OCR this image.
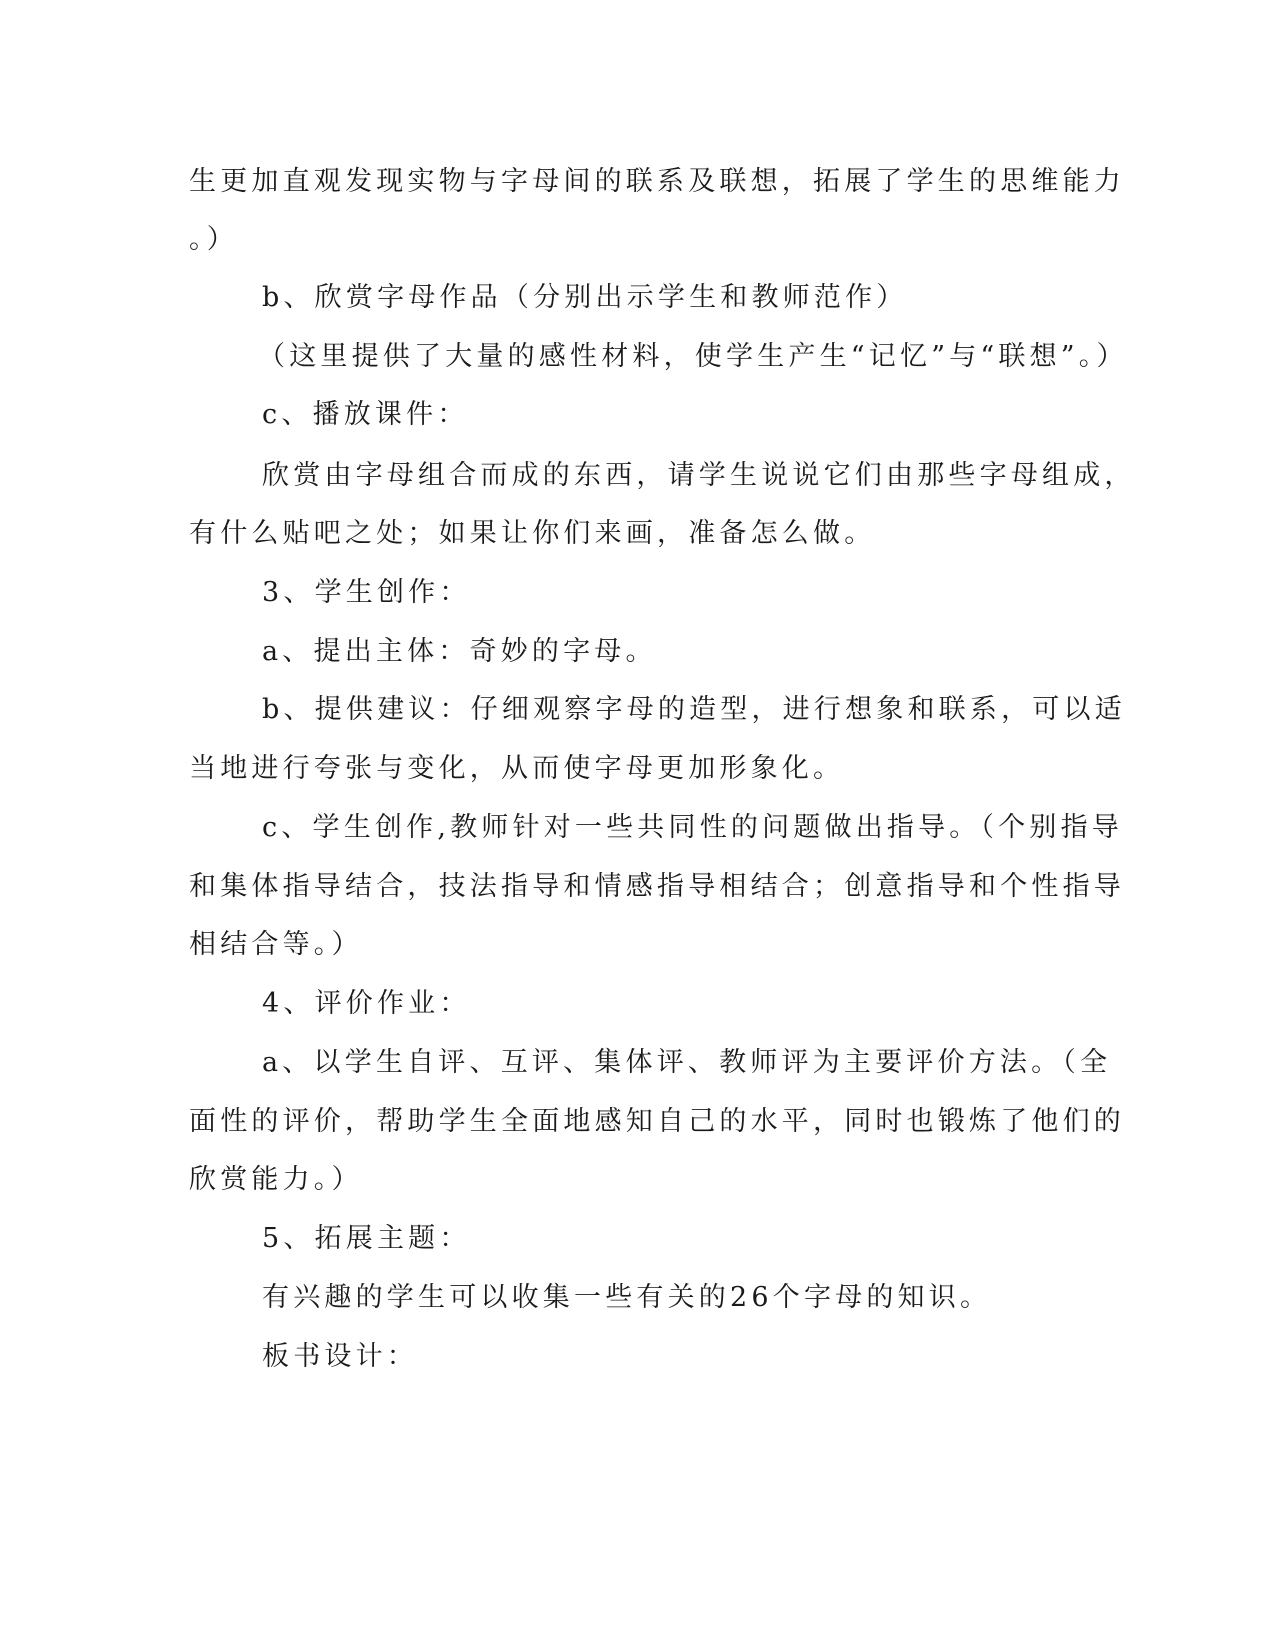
生更加直观发现实物与字母间的联系及联想，拓展了学生的思维能力
。）
b、欣赏字母作品（分别出示学生和教师范作）
（这里提供了大量的感性材料，使学生产生“记忆”与“联想”。）
c、播放课件：
欣赏由字母组合而成的东西，请学生说说它们由那些字母组成，
有什么贴吧之处；如果让你们来画，准备怎么做。
3、学生创作：
a、提出主体：奇妙的字母。
b、提供建议：仔细观察字母的造型，进行想象和联系，可以适
当地进行夸张与变化，从而使字母更加形象化。
c、学生创作,教师针对一些共同性的问题做出指导。（个别指导
和集体指导结合，技法指导和情感指导相结合；创意指导和个性指导
相结合等。）
4、评价作业：
a、以学生自评、互评、集体评、教师评为主要评价方法。（全
面性的评价，帮助学生全面地感知自己的水平，同时也锻炼了他们的
欣赏能力。）
5、拓展主题：
有兴趣的学生可以收集一些有关的26个字母的知识。
板书设计：
